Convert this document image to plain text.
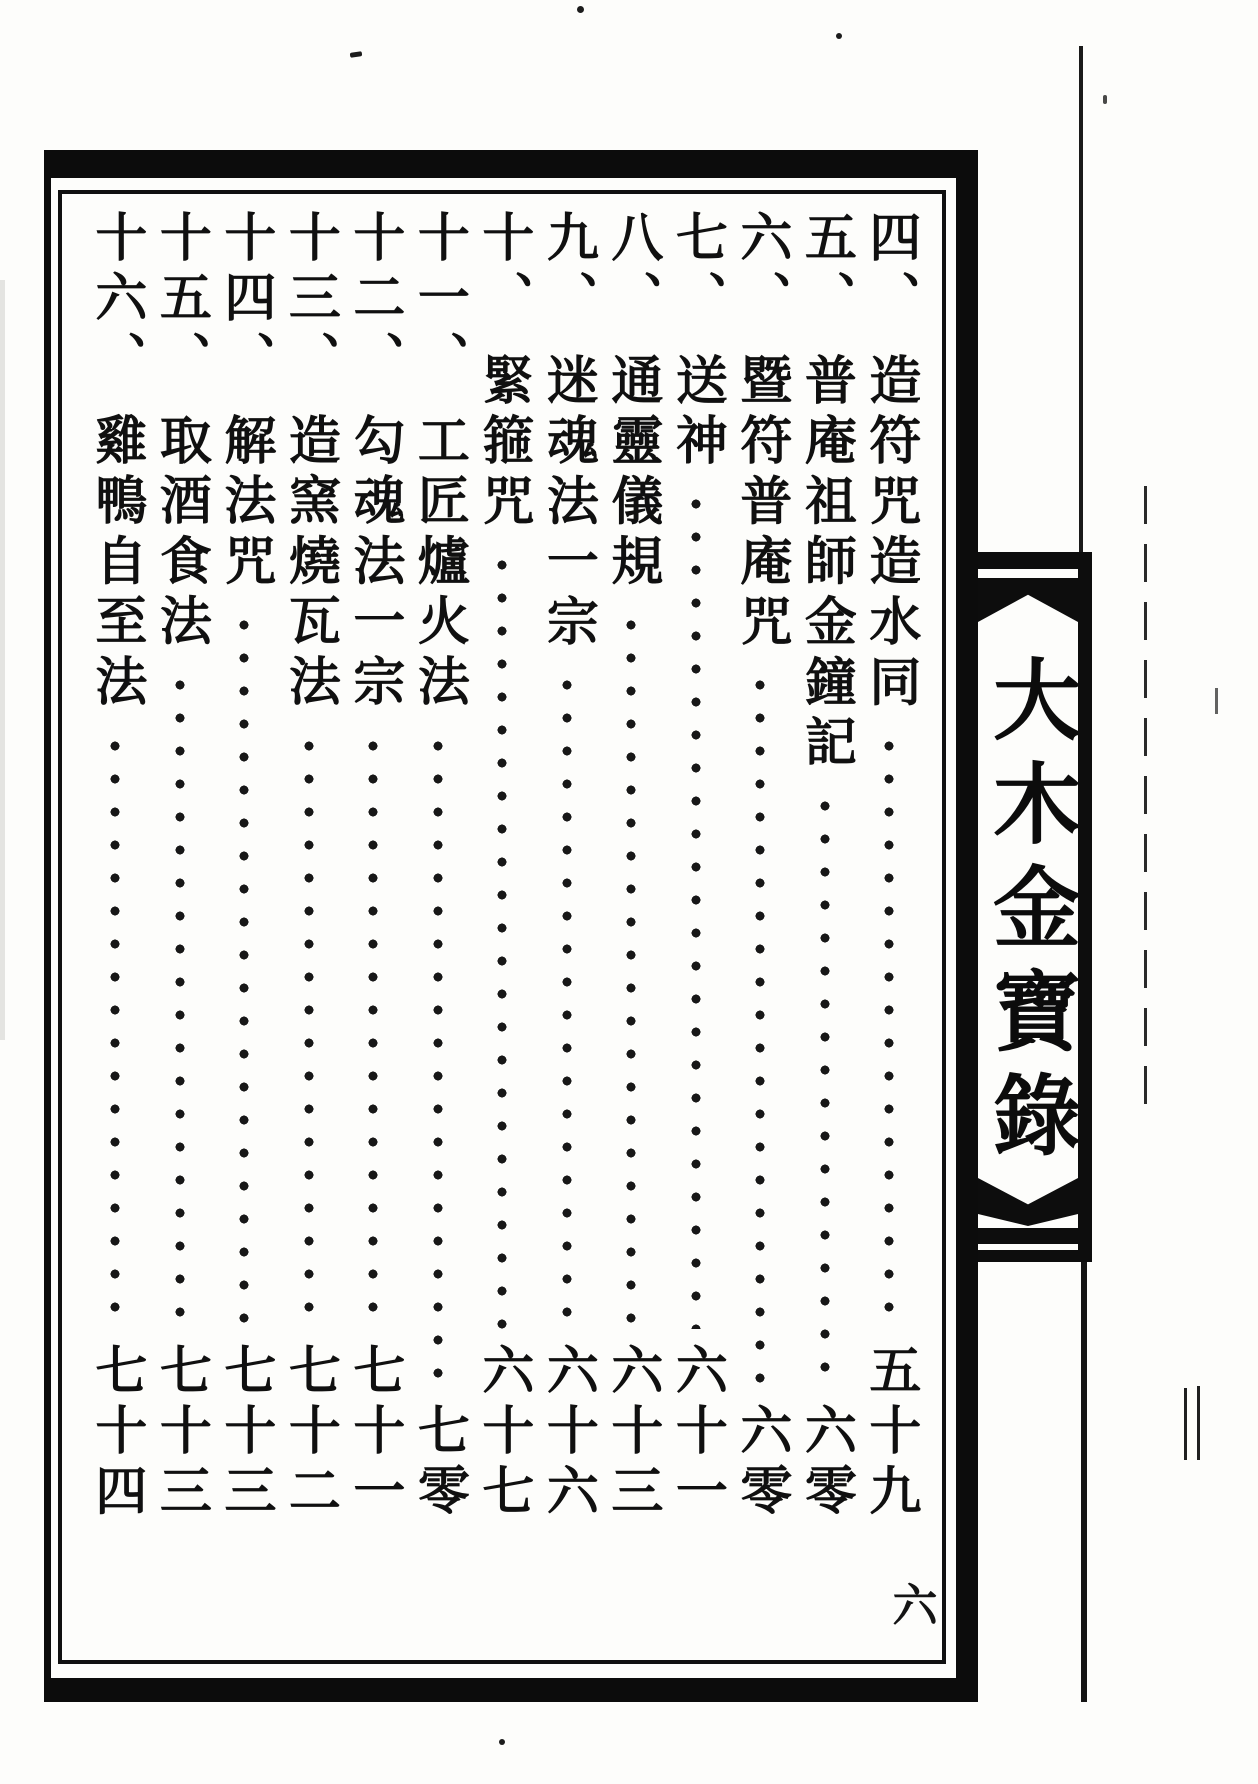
四、
造符咒造水同
五十九
五、
普庵祖師金鐘記
六零
六、
暨符普庵咒
六零
七、
送神
六十一
八、
通靈儀規
六十三
九、
迷魂法一宗
六十六
十、
緊箍咒
六十七
十一、
工匠爐火法
七零
十二、
勾魂法一宗
七十一
十三、
造窯燒瓦法
七十二
十四、
解法咒
七十三
十五、
取酒食法
七十三
十六、
雞鴨自至法
七十四
六
大木金寶錄
